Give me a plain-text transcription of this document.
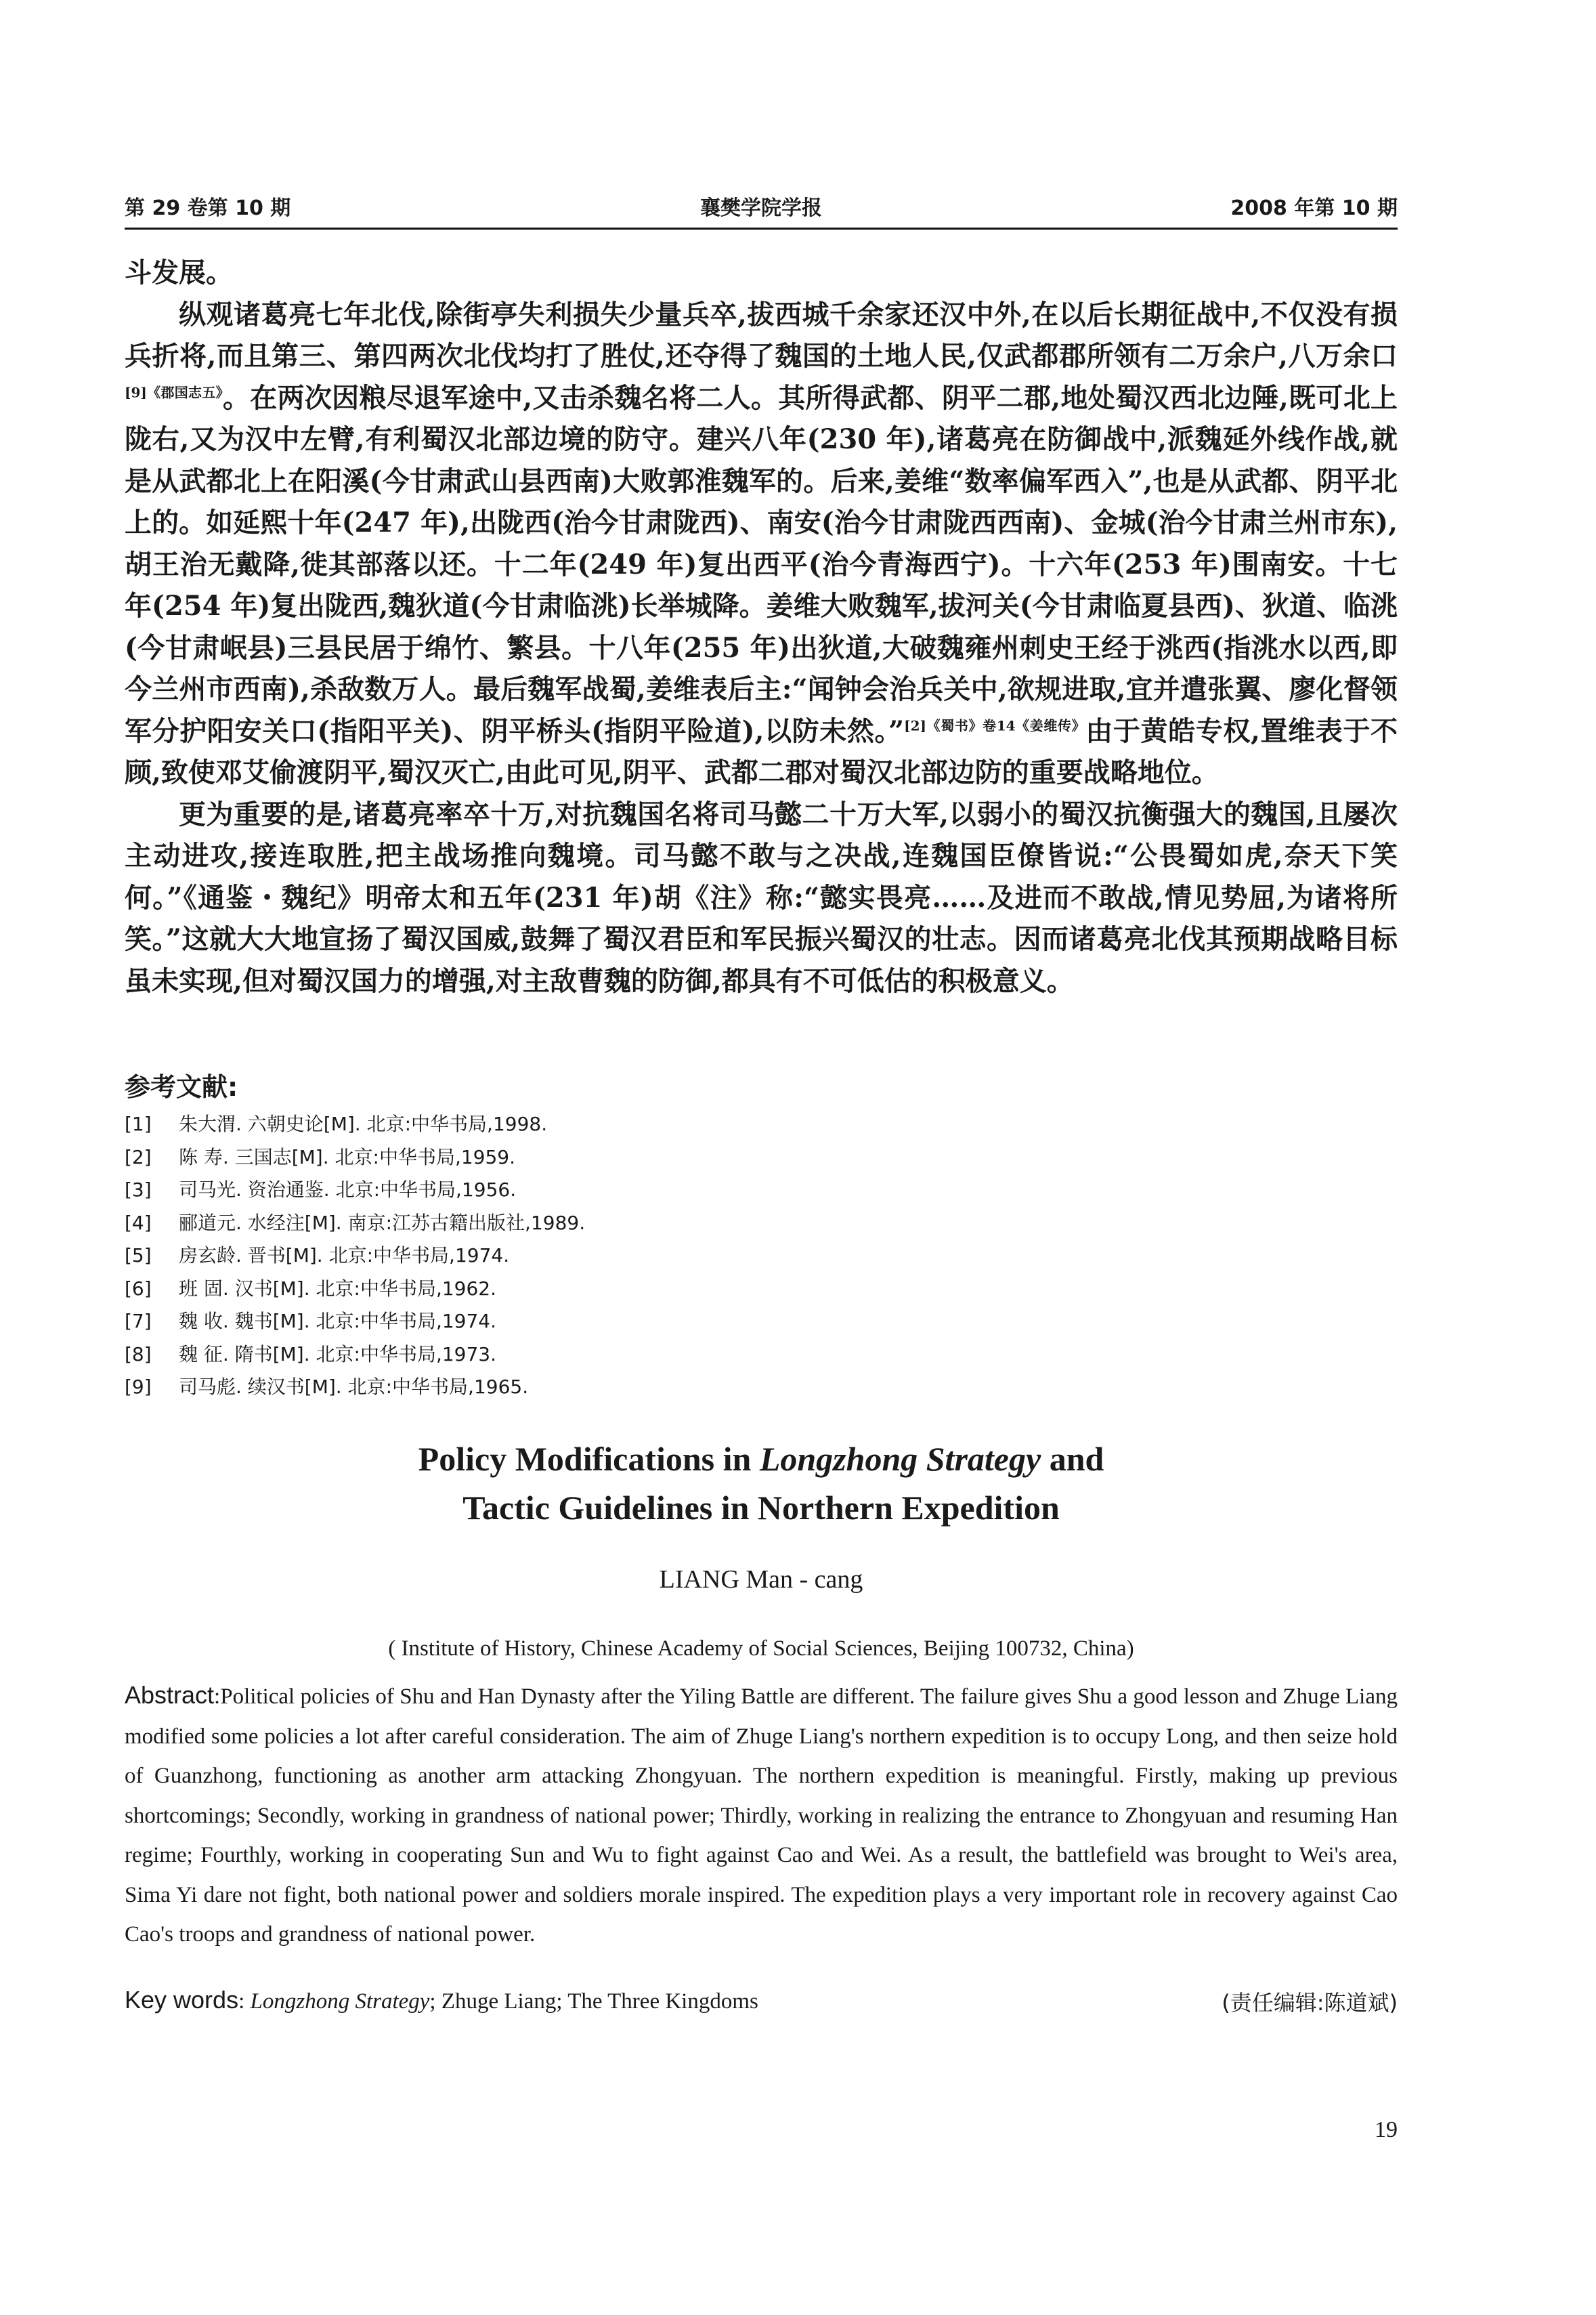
第 29 卷第 10 期	襄樊学院学报	2008 年第 10 期

斗发展。

纵观诸葛亮七年北伐,除街亭失利损失少量兵卒,拔西城千余家还汉中外,在以后长期征战中,不仅没有损兵折将,而且第三、第四两次北伐均打了胜仗,还夺得了魏国的土地人民,仅武都郡所领有二万余户,八万余口$^{[9]《郡国志五》}$。在两次因粮尽退军途中,又击杀魏名将二人。其所得武都、阴平二郡,地处蜀汉西北边陲,既可北上陇右,又为汉中左臂,有利蜀汉北部边境的防守。建兴八年(230 年),诸葛亮在防御战中,派魏延外线作战,就是从武都北上在阳溪(今甘肃武山县西南)大败郭淮魏军的。后来,姜维“数率偏军西入”,也是从武都、阴平北上的。如延熙十年(247 年),出陇西(治今甘肃陇西)、南安(治今甘肃陇西西南)、金城(治今甘肃兰州市东),胡王治无戴降,徙其部落以还。十二年(249 年)复出西平(治今青海西宁)。十六年(253 年)围南安。十七年(254 年)复出陇西,魏狄道(今甘肃临洮)长举城降。姜维大败魏军,拔河关(今甘肃临夏县西)、狄道、临洮(今甘肃岷县)三县民居于绵竹、繁县。十八年(255 年)出狄道,大破魏雍州刺史王经于洮西(指洮水以西,即今兰州市西南),杀敌数万人。最后魏军战蜀,姜维表后主:“闻钟会治兵关中,欲规进取,宜并遣张翼、廖化督领军分护阳安关口(指阳平关)、阴平桥头(指阴平险道),以防未然。”$^{[2]《蜀书》卷14《姜维传》}$由于黄皓专权,置维表于不顾,致使邓艾偷渡阴平,蜀汉灭亡,由此可见,阴平、武都二郡对蜀汉北部边防的重要战略地位。

更为重要的是,诸葛亮率卒十万,对抗魏国名将司马懿二十万大军,以弱小的蜀汉抗衡强大的魏国,且屡次主动进攻,接连取胜,把主战场推向魏境。司马懿不敢与之决战,连魏国臣僚皆说:“公畏蜀如虎,奈天下笑何。”《通鉴・魏纪》明帝太和五年(231 年)胡《注》称:“懿实畏亮……及进而不敢战,情见势屈,为诸将所笑。”这就大大地宣扬了蜀汉国威,鼓舞了蜀汉君臣和军民振兴蜀汉的壮志。因而诸葛亮北伐其预期战略目标虽未实现,但对蜀汉国力的增强,对主敌曹魏的防御,都具有不可低估的积极意义。

参考文献:
[1] 朱大渭. 六朝史论[M]. 北京:中华书局,1998.
[2] 陈 寿. 三国志[M]. 北京:中华书局,1959.
[3] 司马光. 资治通鉴. 北京:中华书局,1956.
[4] 郦道元. 水经注[M]. 南京:江苏古籍出版社,1989.
[5] 房玄龄. 晋书[M]. 北京:中华书局,1974.
[6] 班 固. 汉书[M]. 北京:中华书局,1962.
[7] 魏 收. 魏书[M]. 北京:中华书局,1974.
[8] 魏 征. 隋书[M]. 北京:中华书局,1973.
[9] 司马彪. 续汉书[M]. 北京:中华书局,1965.
Policy Modifications in Longzhong Strategy and
Tactic Guidelines in Northern Expedition
LIANG Man - cang
( Institute of History, Chinese Academy of Social Sciences, Beijing 100732, China)
Abstract:Political policies of Shu and Han Dynasty after the Yiling Battle are different. The failure gives Shu a good lesson and Zhuge Liang modified some policies a lot after careful consideration. The aim of Zhuge Liang's northern expedition is to occupy Long, and then seize hold of Guanzhong, functioning as another arm attacking Zhongyuan. The northern expedition is meaningful. Firstly, making up previous shortcomings; Secondly, working in grandness of national power; Thirdly, working in realizing the entrance to Zhongyuan and resuming Han regime; Fourthly, working in cooperating Sun and Wu to fight against Cao and Wei. As a result, the battlefield was brought to Wei's area, Sima Yi dare not fight, both national power and soldiers morale inspired. The expedition plays a very important role in recovery against Cao Cao's troops and grandness of national power.
Key words: Longzhong Strategy; Zhuge Liang; The Three Kingdoms	(责任编辑:陈道斌)
19
